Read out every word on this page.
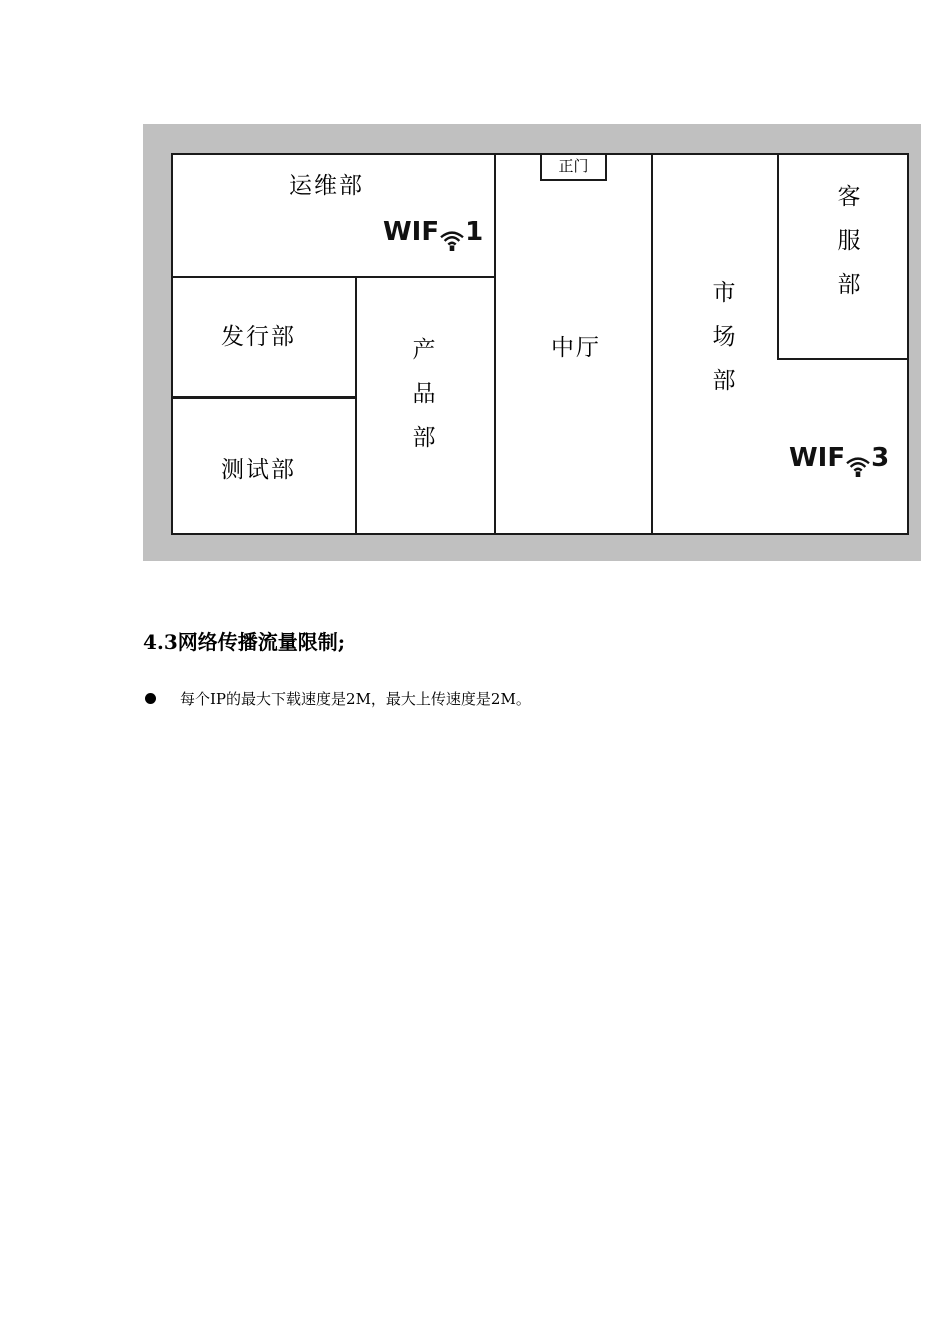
运维部
WIF 1
发行部
测试部
产
品
部
正门
中厅
市
场
部
WIF 3
客
服
部
4.3网络传播流量限制;
每个IP的最大下载速度是2M，最大上传速度是2M。
